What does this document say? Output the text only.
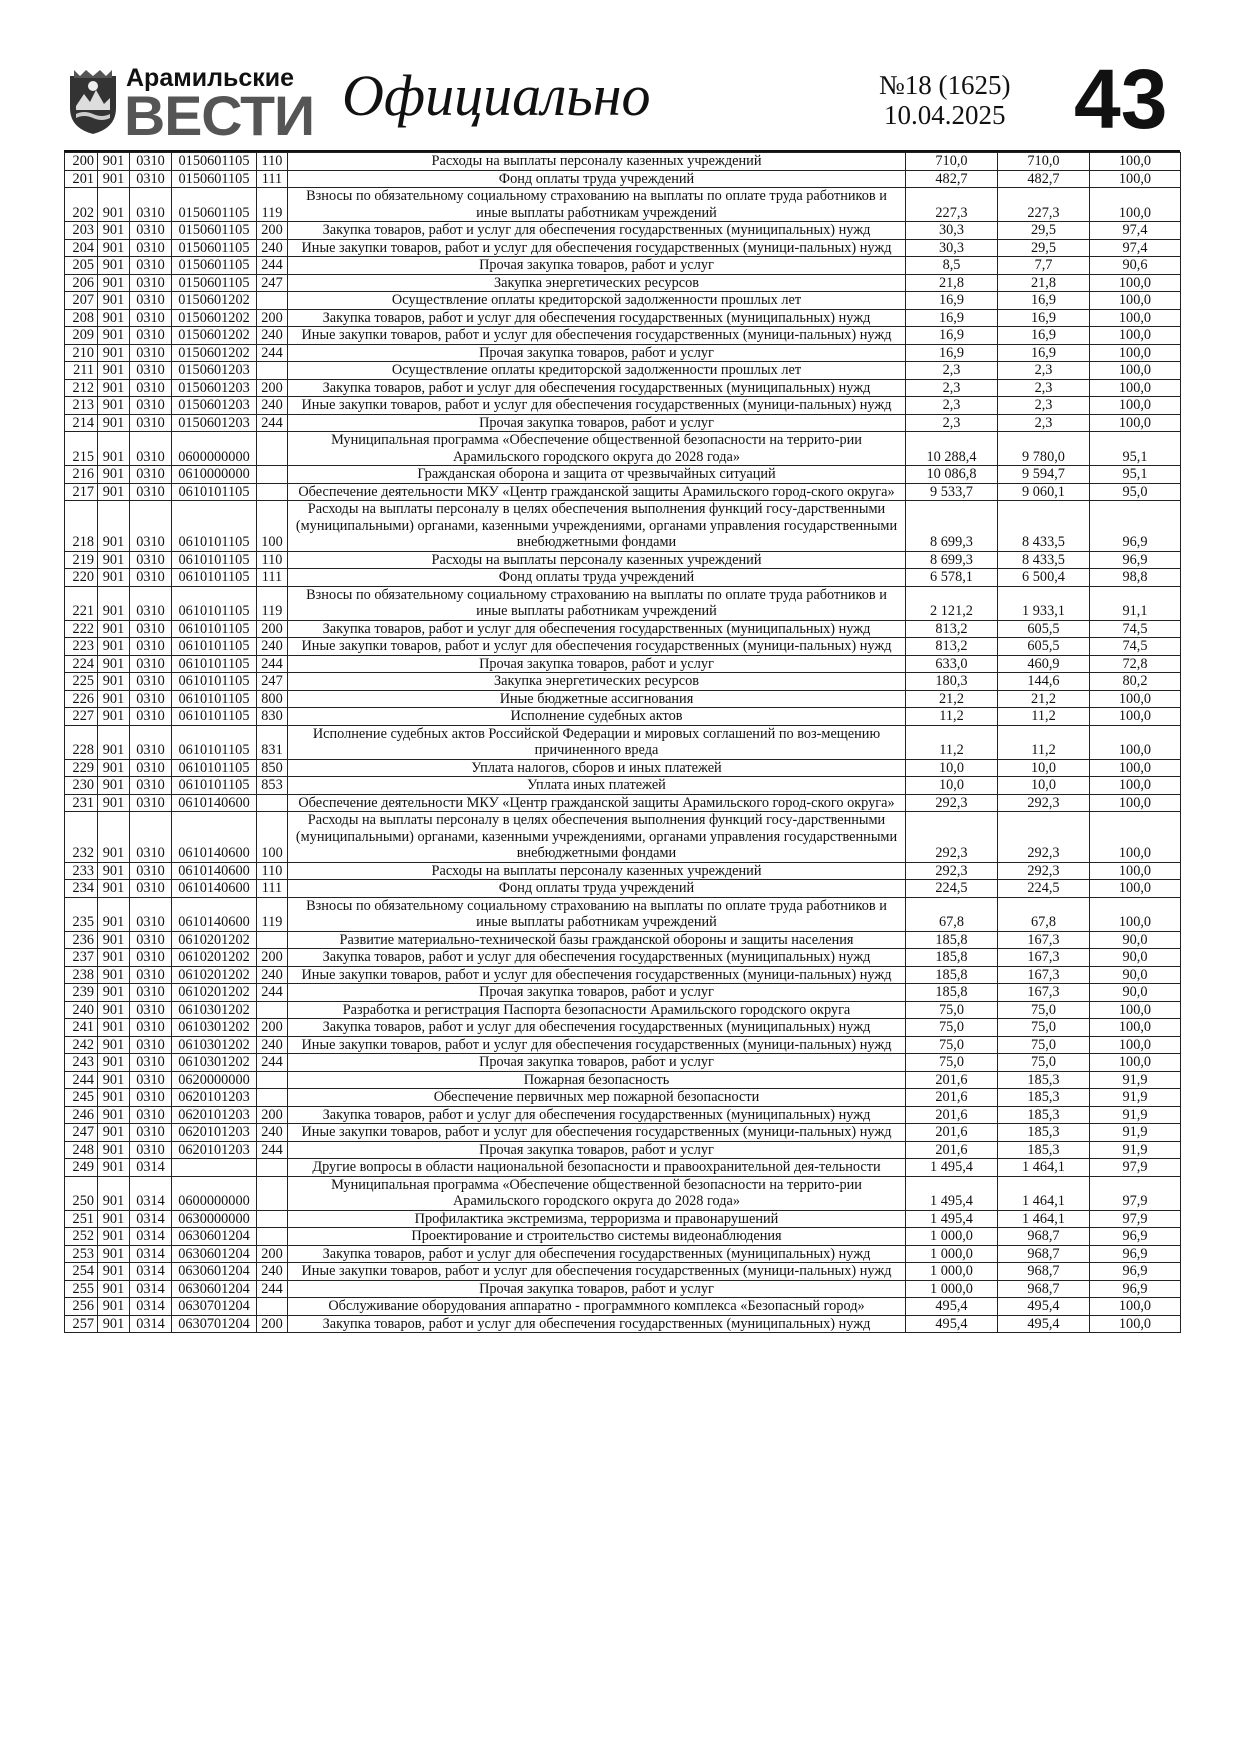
Арамильские
ВЕСТИ Официально	№18 (1625)
10.04.2025 43
200	901	0310	0150601105	110	Расходы на выплаты персоналу казенных учреждений	710,0	710,0	100,0
201	901	0310	0150601105	111	Фонд оплаты труда учреждений	482,7	482,7	100,0
202	901	0310	0150601105	119	Взносы по обязательному социальному страхованию на выплаты по оплате труда работников и иные выплаты работникам учреждений	227,3	227,3	100,0
203	901	0310	0150601105	200	Закупка товаров, работ и услуг для обеспечения государственных (муниципальных) нужд	30,3	29,5	97,4
204	901	0310	0150601105	240	Иные закупки товаров, работ и услуг для обеспечения государственных (муници-пальных) нужд	30,3	29,5	97,4
205	901	0310	0150601105	244	Прочая закупка товаров, работ и услуг	8,5	7,7	90,6
206	901	0310	0150601105	247	Закупка энергетических ресурсов	21,8	21,8	100,0
207	901	0310	0150601202		Осуществление оплаты кредиторской задолженности прошлых лет	16,9	16,9	100,0
208	901	0310	0150601202	200	Закупка товаров, работ и услуг для обеспечения государственных (муниципальных) нужд	16,9	16,9	100,0
209	901	0310	0150601202	240	Иные закупки товаров, работ и услуг для обеспечения государственных (муници-пальных) нужд	16,9	16,9	100,0
210	901	0310	0150601202	244	Прочая закупка товаров, работ и услуг	16,9	16,9	100,0
211	901	0310	0150601203		Осуществление оплаты кредиторской задолженности прошлых лет	2,3	2,3	100,0
212	901	0310	0150601203	200	Закупка товаров, работ и услуг для обеспечения государственных (муниципальных) нужд	2,3	2,3	100,0
213	901	0310	0150601203	240	Иные закупки товаров, работ и услуг для обеспечения государственных (муници-пальных) нужд	2,3	2,3	100,0
214	901	0310	0150601203	244	Прочая закупка товаров, работ и услуг	2,3	2,3	100,0
215	901	0310	0600000000		Муниципальная программа «Обеспечение общественной безопасности на террито-рии Арамильского городского округа до 2028 года»	10 288,4	9 780,0	95,1
216	901	0310	0610000000		Гражданская оборона и защита от чрезвычайных ситуаций	10 086,8	9 594,7	95,1
217	901	0310	0610101105		Обеспечение деятельности МКУ «Центр гражданской защиты Арамильского город-ского округа»	9 533,7	9 060,1	95,0
218	901	0310	0610101105	100	Расходы на выплаты персоналу в целях обеспечения выполнения функций госу-дарственными (муниципальными) органами, казенными учреждениями, органами управления государственными внебюджетными фондами	8 699,3	8 433,5	96,9
219	901	0310	0610101105	110	Расходы на выплаты персоналу казенных учреждений	8 699,3	8 433,5	96,9
220	901	0310	0610101105	111	Фонд оплаты труда учреждений	6 578,1	6 500,4	98,8
221	901	0310	0610101105	119	Взносы по обязательному социальному страхованию на выплаты по оплате труда работников и иные выплаты работникам учреждений	2 121,2	1 933,1	91,1
222	901	0310	0610101105	200	Закупка товаров, работ и услуг для обеспечения государственных (муниципальных) нужд	813,2	605,5	74,5
223	901	0310	0610101105	240	Иные закупки товаров, работ и услуг для обеспечения государственных (муници-пальных) нужд	813,2	605,5	74,5
224	901	0310	0610101105	244	Прочая закупка товаров, работ и услуг	633,0	460,9	72,8
225	901	0310	0610101105	247	Закупка энергетических ресурсов	180,3	144,6	80,2
226	901	0310	0610101105	800	Иные бюджетные ассигнования	21,2	21,2	100,0
227	901	0310	0610101105	830	Исполнение судебных актов	11,2	11,2	100,0
228	901	0310	0610101105	831	Исполнение судебных актов Российской Федерации и мировых соглашений по воз-мещению причиненного вреда	11,2	11,2	100,0
229	901	0310	0610101105	850	Уплата налогов, сборов и иных платежей	10,0	10,0	100,0
230	901	0310	0610101105	853	Уплата иных платежей	10,0	10,0	100,0
231	901	0310	0610140600		Обеспечение деятельности МКУ «Центр гражданской защиты Арамильского город-ского округа»	292,3	292,3	100,0
232	901	0310	0610140600	100	Расходы на выплаты персоналу в целях обеспечения выполнения функций госу-дарственными (муниципальными) органами, казенными учреждениями, органами управления государственными внебюджетными фондами	292,3	292,3	100,0
233	901	0310	0610140600	110	Расходы на выплаты персоналу казенных учреждений	292,3	292,3	100,0
234	901	0310	0610140600	111	Фонд оплаты труда учреждений	224,5	224,5	100,0
235	901	0310	0610140600	119	Взносы по обязательному социальному страхованию на выплаты по оплате труда работников и иные выплаты работникам учреждений	67,8	67,8	100,0
236	901	0310	0610201202		Развитие материально-технической базы гражданской обороны и защиты населения	185,8	167,3	90,0
237	901	0310	0610201202	200	Закупка товаров, работ и услуг для обеспечения государственных (муниципальных) нужд	185,8	167,3	90,0
238	901	0310	0610201202	240	Иные закупки товаров, работ и услуг для обеспечения государственных (муници-пальных) нужд	185,8	167,3	90,0
239	901	0310	0610201202	244	Прочая закупка товаров, работ и услуг	185,8	167,3	90,0
240	901	0310	0610301202		Разработка и регистрация Паспорта безопасности Арамильского городского округа	75,0	75,0	100,0
241	901	0310	0610301202	200	Закупка товаров, работ и услуг для обеспечения государственных (муниципальных) нужд	75,0	75,0	100,0
242	901	0310	0610301202	240	Иные закупки товаров, работ и услуг для обеспечения государственных (муници-пальных) нужд	75,0	75,0	100,0
243	901	0310	0610301202	244	Прочая закупка товаров, работ и услуг	75,0	75,0	100,0
244	901	0310	0620000000		Пожарная безопасность	201,6	185,3	91,9
245	901	0310	0620101203		Обеспечение первичных мер пожарной безопасности	201,6	185,3	91,9
246	901	0310	0620101203	200	Закупка товаров, работ и услуг для обеспечения государственных (муниципальных) нужд	201,6	185,3	91,9
247	901	0310	0620101203	240	Иные закупки товаров, работ и услуг для обеспечения государственных (муници-пальных) нужд	201,6	185,3	91,9
248	901	0310	0620101203	244	Прочая закупка товаров, работ и услуг	201,6	185,3	91,9
249	901	0314			Другие вопросы в области национальной безопасности и правоохранительной дея-тельности	1 495,4	1 464,1	97,9
250	901	0314	0600000000		Муниципальная программа «Обеспечение общественной безопасности на террито-рии Арамильского городского округа до 2028 года»	1 495,4	1 464,1	97,9
251	901	0314	0630000000		Профилактика экстремизма, терроризма и правонарушений	1 495,4	1 464,1	97,9
252	901	0314	0630601204		Проектирование и строительство системы видеонаблюдения	1 000,0	968,7	96,9
253	901	0314	0630601204	200	Закупка товаров, работ и услуг для обеспечения государственных (муниципальных) нужд	1 000,0	968,7	96,9
254	901	0314	0630601204	240	Иные закупки товаров, работ и услуг для обеспечения государственных (муници-пальных) нужд	1 000,0	968,7	96,9
255	901	0314	0630601204	244	Прочая закупка товаров, работ и услуг	1 000,0	968,7	96,9
256	901	0314	0630701204		Обслуживание оборудования аппаратно - программного комплекса «Безопасный город»	495,4	495,4	100,0
257	901	0314	0630701204	200	Закупка товаров, работ и услуг для обеспечения государственных (муниципальных) нужд	495,4	495,4	100,0
